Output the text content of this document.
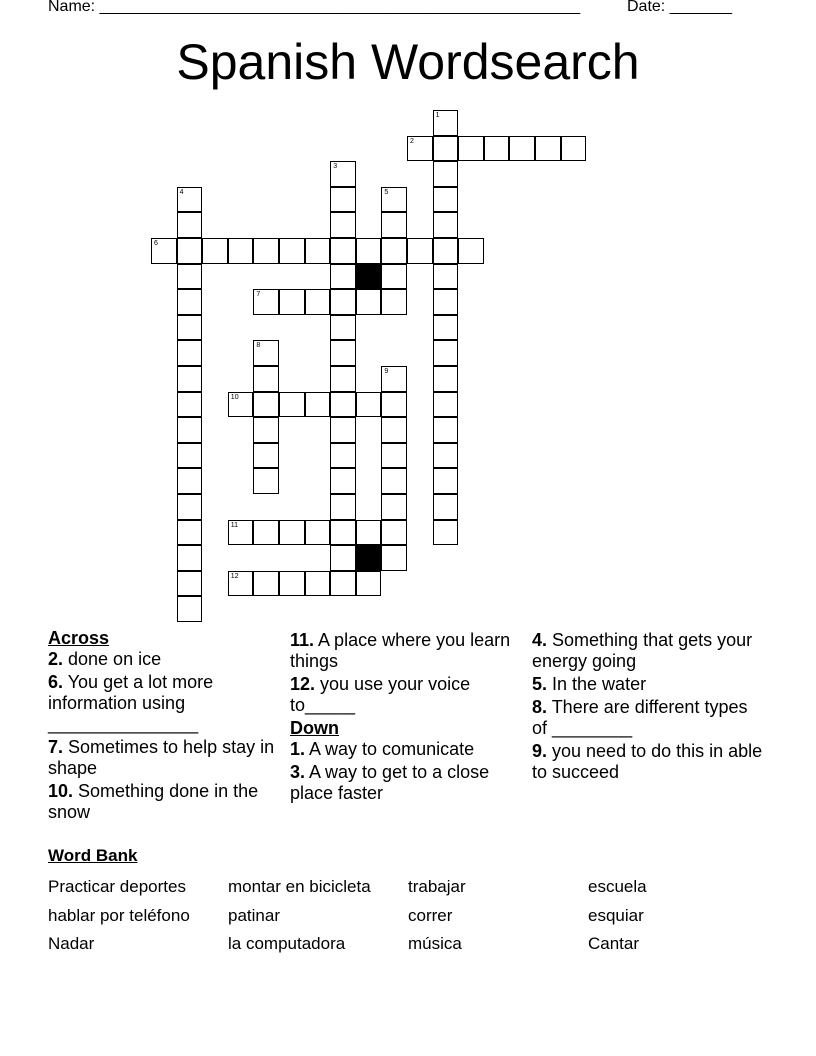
Name: ______________________________________________________	Date: _______
Spanish Wordsearch
1
2
3
4	5
6
7
8
9
10
11
12
Across
2. done on ice
6. You get a lot more information using _______________
7. Sometimes to help stay in shape
10. Something done in the snow
11. A place where you learn things
12. you use your voice to_____
Down
1. A way to comunicate
3. A way to get to a close place faster
4. Something that gets your energy going
5. In the water
8. There are different types of ________
9. you need to do this in able to succeed
Word Bank
Practicar deportes
hablar por teléfono
Nadar
montar en bicicleta
patinar
la computadora
trabajar
correr
música
escuela
esquiar
Cantar
